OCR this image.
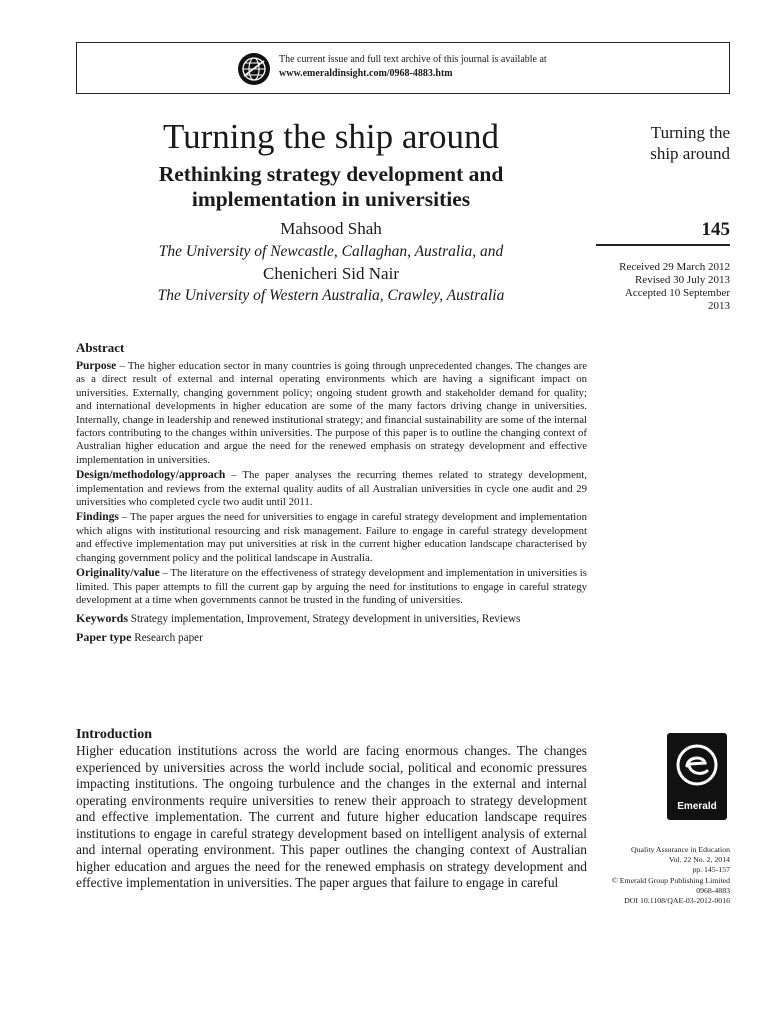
The current issue and full text archive of this journal is available at
www.emeraldinsight.com/0968-4883.htm
Turning the ship around
Rethinking strategy development and
implementation in universities
Mahsood Shah
The University of Newcastle, Callaghan, Australia, and
Chenicheri Sid Nair
The University of Western Australia, Crawley, Australia
Turning the
ship around
145
Received 29 March 2012
Revised 30 July 2013
Accepted 10 September
2013
Abstract

Purpose – The higher education sector in many countries is going through unprecedented changes. The changes are as a direct result of external and internal operating environments which are having a significant impact on universities. Externally, changing government policy; ongoing student growth and stakeholder demand for quality; and international developments in higher education are some of the many factors driving change in universities. Internally, change in leadership and renewed institutional strategy; and financial sustainability are some of the internal factors contributing to the changes within universities. The purpose of this paper is to outline the changing context of Australian higher education and argue the need for the renewed emphasis on strategy development and effective implementation in universities.

Design/methodology/approach – The paper analyses the recurring themes related to strategy development, implementation and reviews from the external quality audits of all Australian universities in cycle one audit and 29 universities who completed cycle two audit until 2011.

Findings – The paper argues the need for universities to engage in careful strategy development and implementation which aligns with institutional resourcing and risk management. Failure to engage in careful strategy development and effective implementation may put universities at risk in the current higher education landscape characterised by changing government policy and the political landscape in Australia.

Originality/value – The literature on the effectiveness of strategy development and implementation in universities is limited. This paper attempts to fill the current gap by arguing the need for institutions to engage in careful strategy development at a time when governments cannot be trusted in the funding of universities.

Keywords Strategy implementation, Improvement, Strategy development in universities, Reviews

Paper type Research paper

Introduction

Higher education institutions across the world are facing enormous changes. The changes experienced by universities across the world include social, political and economic pressures impacting institutions. The ongoing turbulence and the changes in the external and internal operating environments require universities to renew their approach to strategy development and effective implementation. The current and future higher education landscape requires institutions to engage in careful strategy development based on intelligent analysis of external and internal operating environment. This paper outlines the changing context of Australian higher education and argues the need for the renewed emphasis on strategy development and effective implementation in universities. The paper argues that failure to engage in careful

Emerald
Quality Assurance in Education
Vol. 22 No. 2, 2014
pp. 145-157
© Emerald Group Publishing Limited
0968-4883
DOI 10.1108/QAE-03-2012-0016
